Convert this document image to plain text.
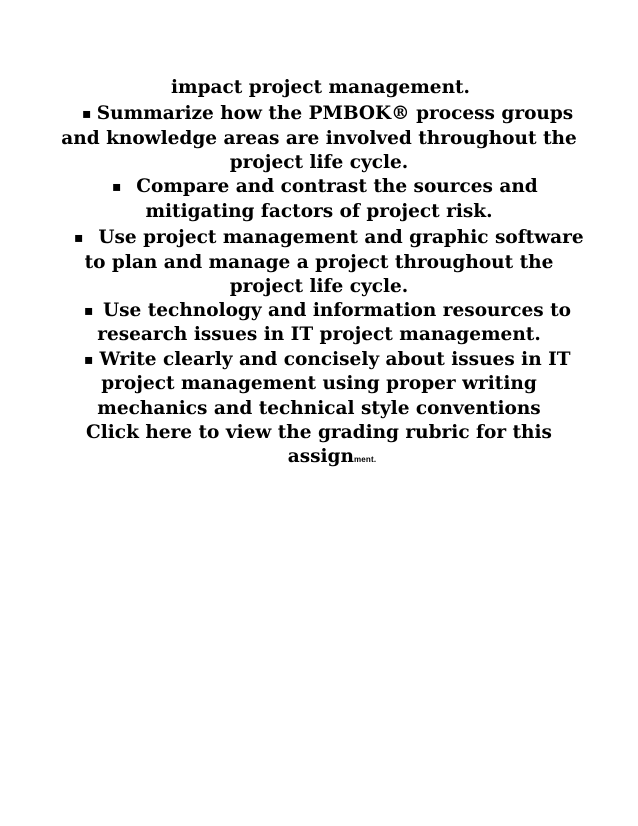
impact project management.
▪ Summarize how the PMBOK® process groups
and knowledge areas are involved throughout the
project life cycle.
▪ Compare and contrast the sources and
mitigating factors of project risk.
▪ Use project management and graphic software
to plan and manage a project throughout the
project life cycle.
▪ Use technology and information resources to
research issues in IT project management.
▪ Write clearly and concisely about issues in IT
project management using proper writing
mechanics and technical style conventions
Click here to view the grading rubric for this
assignment.
